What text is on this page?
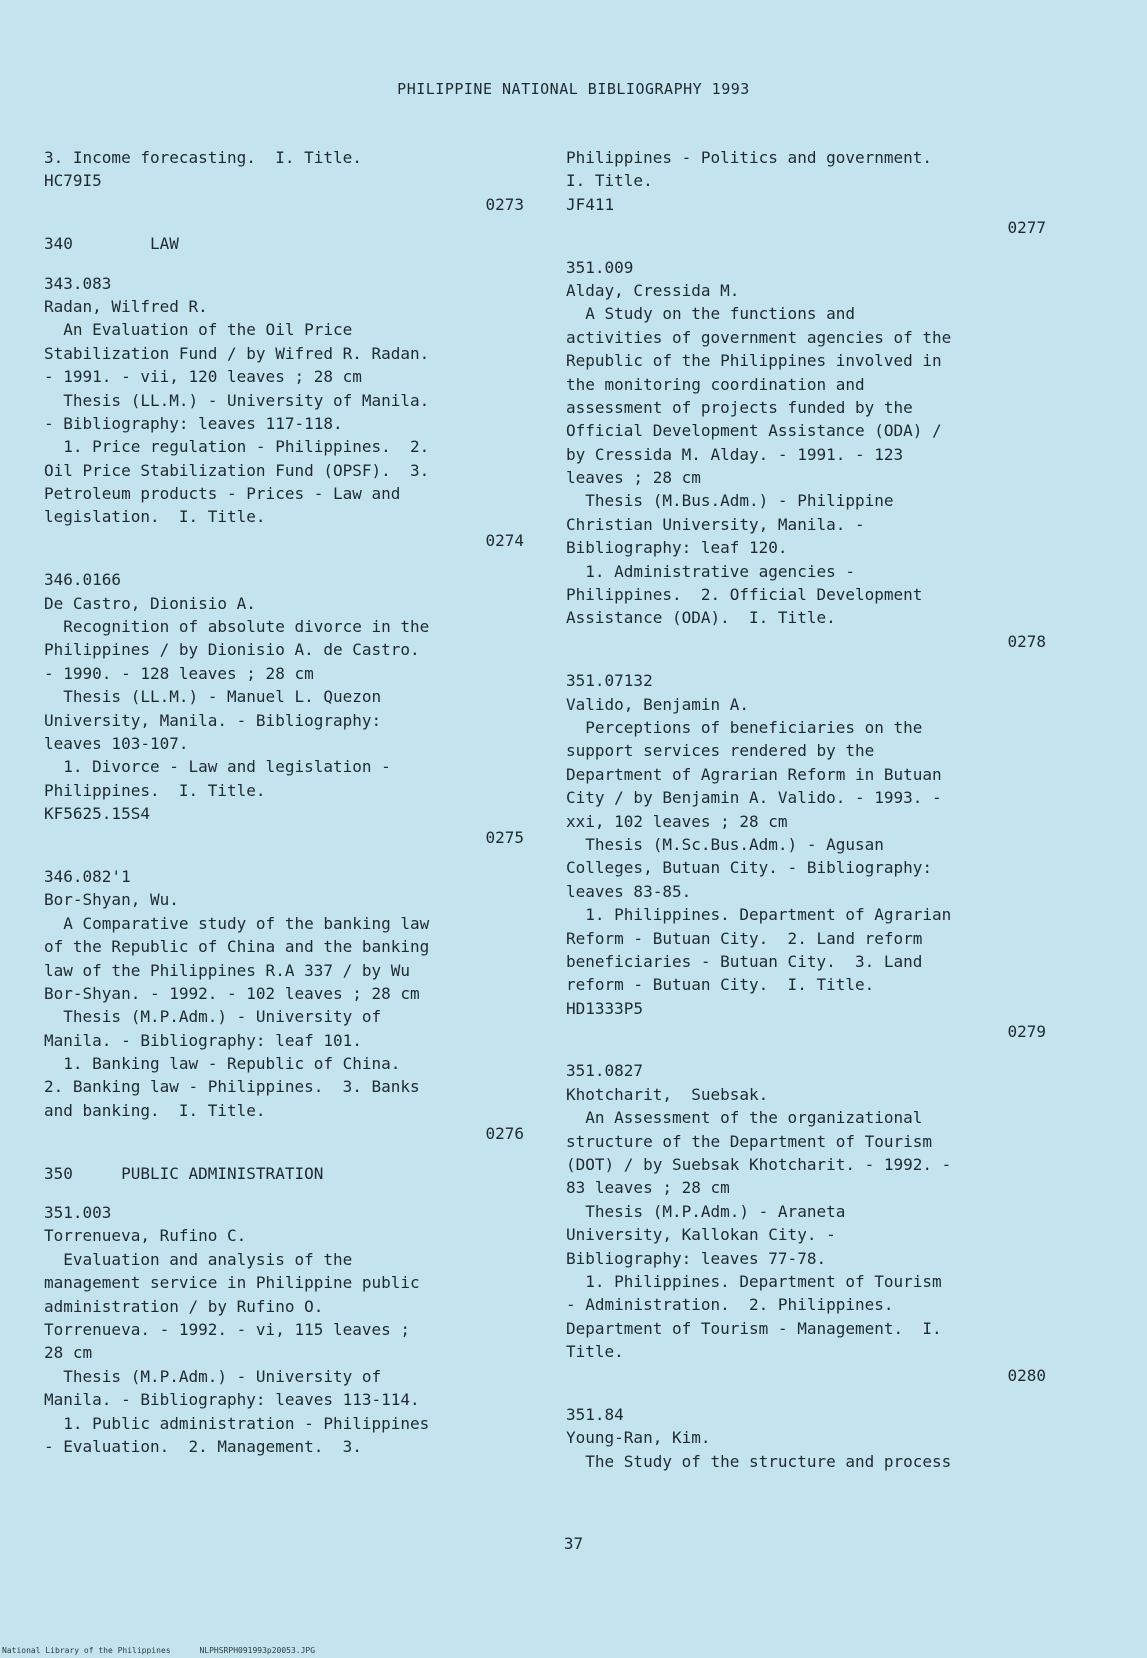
PHILIPPINE NATIONAL BIBLIOGRAPHY 1993
3. Income forecasting.  I. Title.
HC79I5
0273
340        LAW
343.083
Radan, Wilfred R.
An Evaluation of the Oil Price
Stabilization Fund / by Wifred R. Radan.
- 1991. - vii, 120 leaves ; 28 cm
Thesis (LL.M.) - University of Manila.
- Bibliography: leaves 117-118.
1. Price regulation - Philippines.  2.
Oil Price Stabilization Fund (OPSF).  3.
Petroleum products - Prices - Law and
legislation.  I. Title.
0274
346.0166
De Castro, Dionisio A.
Recognition of absolute divorce in the
Philippines / by Dionisio A. de Castro.
- 1990. - 128 leaves ; 28 cm
Thesis (LL.M.) - Manuel L. Quezon
University, Manila. - Bibliography:
leaves 103-107.
1. Divorce - Law and legislation -
Philippines.  I. Title.
KF5625.15S4
0275
346.082'1
Bor-Shyan, Wu.
A Comparative study of the banking law
of the Republic of China and the banking
law of the Philippines R.A 337 / by Wu
Bor-Shyan. - 1992. - 102 leaves ; 28 cm
Thesis (M.P.Adm.) - University of
Manila. - Bibliography: leaf 101.
1. Banking law - Republic of China.
2. Banking law - Philippines.  3. Banks
and banking.  I. Title.
0276
350     PUBLIC ADMINISTRATION
351.003
Torrenueva, Rufino C.
Evaluation and analysis of the
management service in Philippine public
administration / by Rufino O.
Torrenueva. - 1992. - vi, 115 leaves ;
28 cm
Thesis (M.P.Adm.) - University of
Manila. - Bibliography: leaves 113-114.
1. Public administration - Philippines
- Evaluation.  2. Management.  3.
Philippines - Politics and government.
I. Title.
JF411
0277
351.009
Alday, Cressida M.
A Study on the functions and
activities of government agencies of the
Republic of the Philippines involved in
the monitoring coordination and
assessment of projects funded by the
Official Development Assistance (ODA) /
by Cressida M. Alday. - 1991. - 123
leaves ; 28 cm
Thesis (M.Bus.Adm.) - Philippine
Christian University, Manila. -
Bibliography: leaf 120.
1. Administrative agencies -
Philippines.  2. Official Development
Assistance (ODA).  I. Title.
0278
351.07132
Valido, Benjamin A.
Perceptions of beneficiaries on the
support services rendered by the
Department of Agrarian Reform in Butuan
City / by Benjamin A. Valido. - 1993. -
xxi, 102 leaves ; 28 cm
Thesis (M.Sc.Bus.Adm.) - Agusan
Colleges, Butuan City. - Bibliography:
leaves 83-85.
1. Philippines. Department of Agrarian
Reform - Butuan City.  2. Land reform
beneficiaries - Butuan City.  3. Land
reform - Butuan City.  I. Title.
HD1333P5
0279
351.0827
Khotcharit,  Suebsak.
An Assessment of the organizational
structure of the Department of Tourism
(DOT) / by Suebsak Khotcharit. - 1992. -
83 leaves ; 28 cm
Thesis (M.P.Adm.) - Araneta
University, Kallokan City. -
Bibliography: leaves 77-78.
1. Philippines. Department of Tourism
- Administration.  2. Philippines.
Department of Tourism - Management.  I.
Title.
0280
351.84
Young-Ran, Kim.
The Study of the structure and process
37
National Library of the Philippines      NLPHSRPH091993p20053.JPG
